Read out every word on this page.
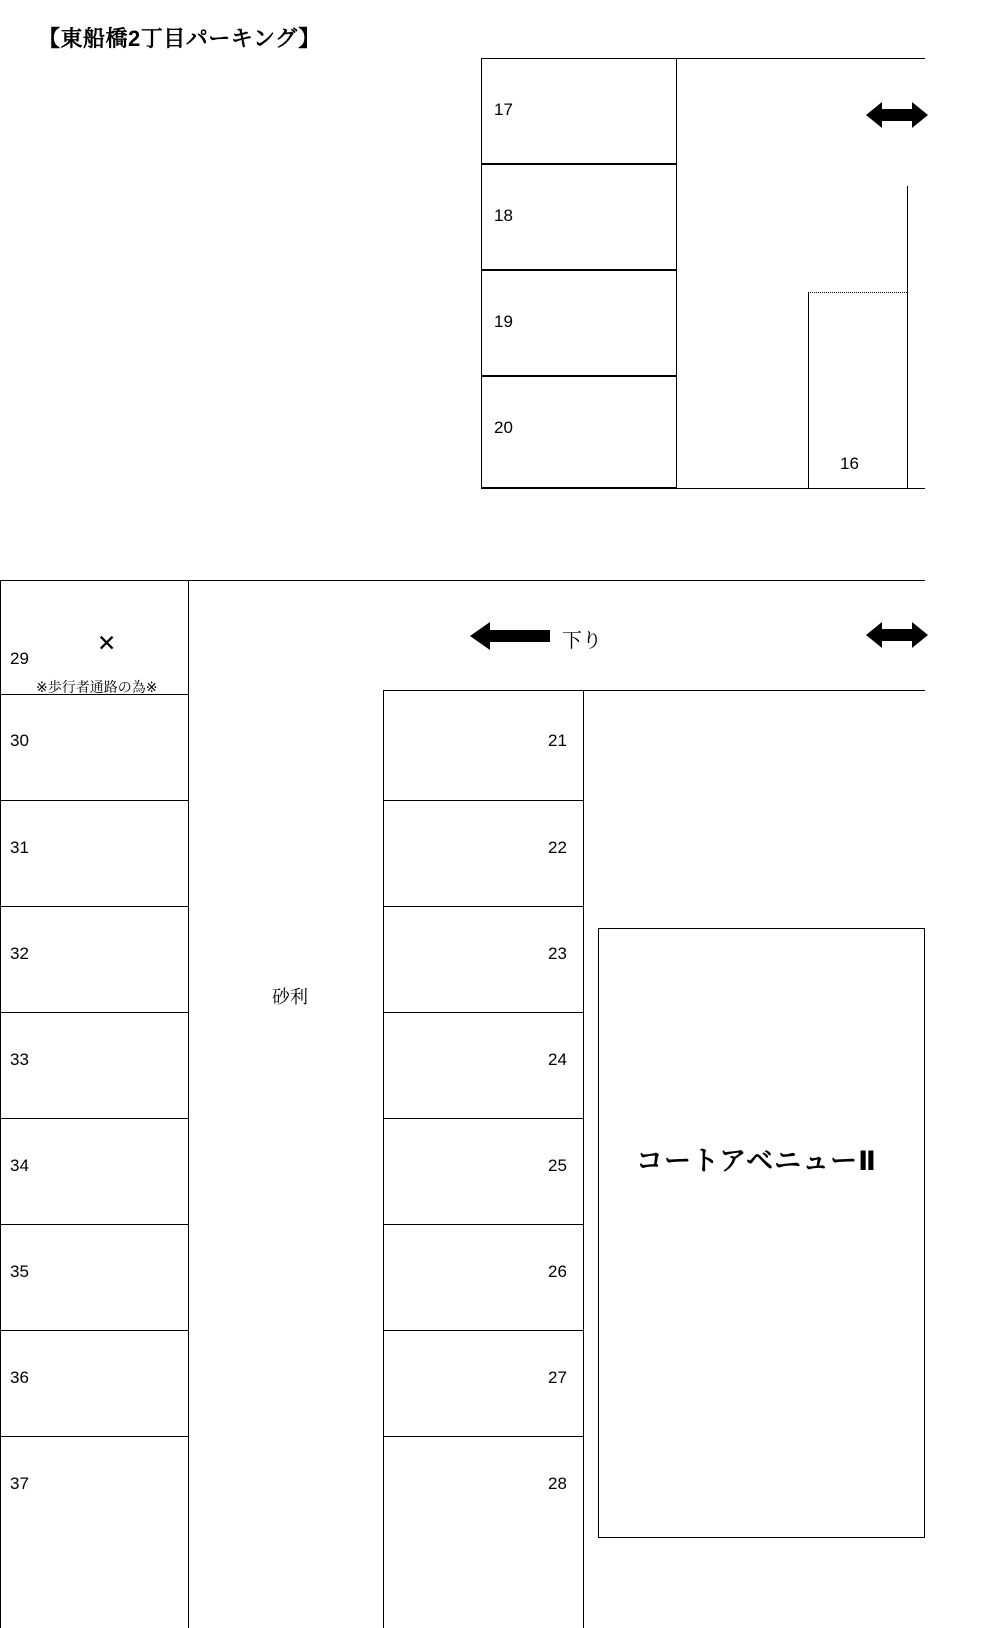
【東船橋2丁目パーキング】
17
18
19
20
16
29
✕
※歩行者通路の為※
30
31
32
33
34
35
36
37
砂利
下り
21
22
23
24
25
26
27
28
コートアベニューⅡ
